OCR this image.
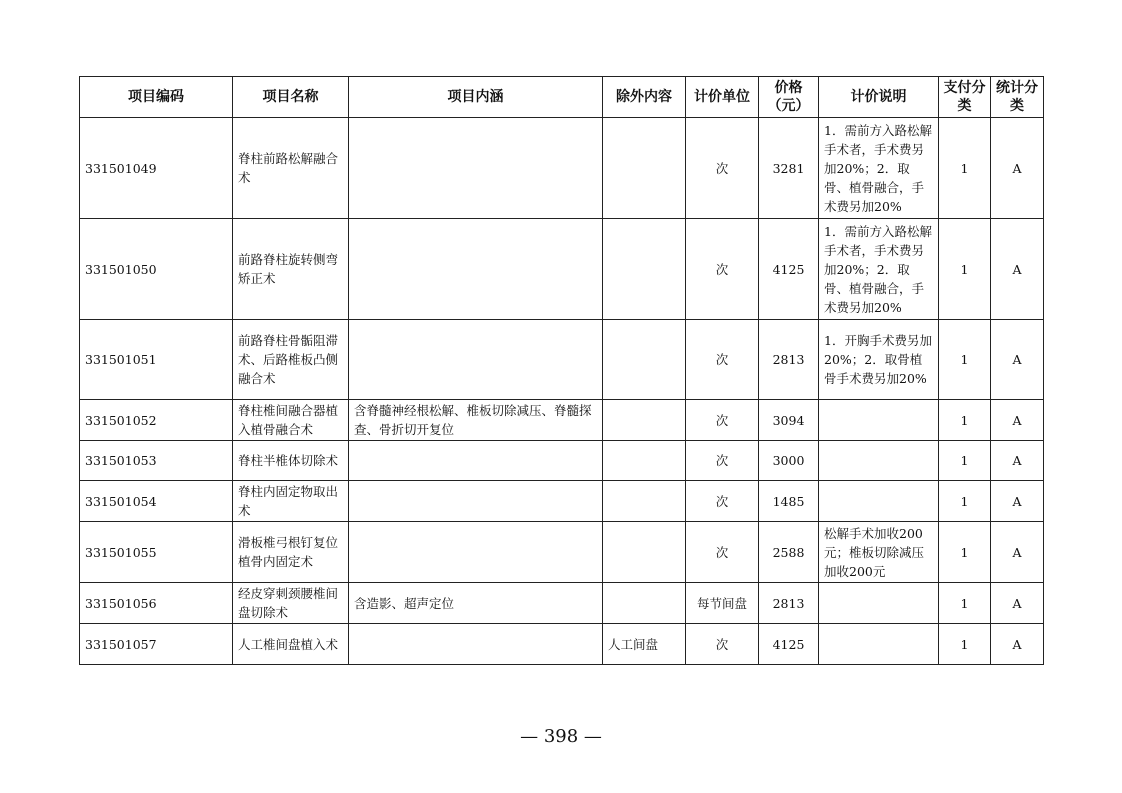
项目编码	项目名称	项目内涵	除外内容	计价单位	价格（元）	计价说明	支付分类	统计分类
331501049	脊柱前路松解融合术			次	3281	1．需前方入路松解手术者，手术费另加20%；2．取骨、植骨融合，手术费另加20%	1	A
331501050	前路脊柱旋转侧弯矫正术			次	4125	1．需前方入路松解手术者，手术费另加20%；2．取骨、植骨融合，手术费另加20%	1	A
331501051	前路脊柱骨骺阻滞术、后路椎板凸侧融合术			次	2813	1．开胸手术费另加20%；2．取骨植骨手术费另加20%	1	A
331501052	脊柱椎间融合器植入植骨融合术	含脊髓神经根松解、椎板切除减压、脊髓探查、骨折切开复位		次	3094		1	A
331501053	脊柱半椎体切除术			次	3000		1	A
331501054	脊柱内固定物取出术			次	1485		1	A
331501055	滑板椎弓根钉复位植骨内固定术			次	2588	松解手术加收200元；椎板切除减压加收200元	1	A
331501056	经皮穿刺颈腰椎间盘切除术	含造影、超声定位		每节间盘	2813		1	A
331501057	人工椎间盘植入术		人工间盘	次	4125		1	A
— 398 —
